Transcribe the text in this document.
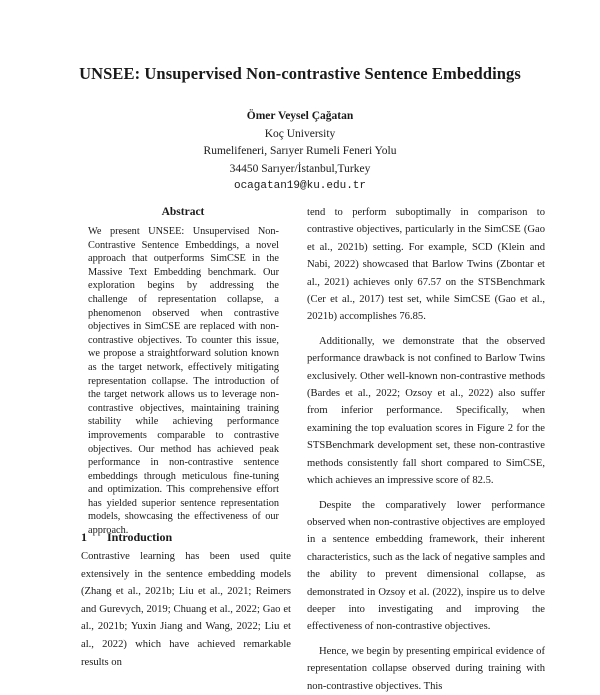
UNSEE: Unsupervised Non-contrastive Sentence Embeddings
Ömer Veysel Çağatan
Koç University
Rumelifeneri, Sarıyer Rumeli Feneri Yolu
34450 Sarıyer/İstanbul,Turkey
ocagatan19@ku.edu.tr
Abstract
We present UNSEE: Unsupervised Non-Contrastive Sentence Embeddings, a novel approach that outperforms SimCSE in the Massive Text Embedding benchmark. Our exploration begins by addressing the challenge of representation collapse, a phenomenon observed when contrastive objectives in SimCSE are replaced with non-contrastive objectives. To counter this issue, we propose a straightforward solution known as the target network, effectively mitigating representation collapse. The introduction of the target network allows us to leverage non-contrastive objectives, maintaining training stability while achieving performance improvements comparable to contrastive objectives. Our method has achieved peak performance in non-contrastive sentence embeddings through meticulous fine-tuning and optimization. This comprehensive effort has yielded superior sentence representation models, showcasing the effectiveness of our approach.
1 Introduction
Contrastive learning has been used quite extensively in the sentence embedding models (Zhang et al., 2021b; Liu et al., 2021; Reimers and Gurevych, 2019; Chuang et al., 2022; Gao et al., 2021b; Yuxin Jiang and Wang, 2022; Liu et al., 2022) which have achieved remarkable results on

tend to perform suboptimally in comparison to contrastive objectives, particularly in the SimCSE (Gao et al., 2021b) setting. For example, SCD (Klein and Nabi, 2022) showcased that Barlow Twins (Zbontar et al., 2021) achieves only 67.57 on the STSBenchmark (Cer et al., 2017) test set, while SimCSE (Gao et al., 2021b) accomplishes 76.85.

Additionally, we demonstrate that the observed performance drawback is not confined to Barlow Twins exclusively. Other well-known non-contrastive methods (Bardes et al., 2022; Ozsoy et al., 2022) also suffer from inferior performance. Specifically, when examining the top evaluation scores in Figure 2 for the STSBenchmark development set, these non-contrastive methods consistently fall short compared to SimCSE, which achieves an impressive score of 82.5.

Despite the comparatively lower performance observed when non-contrastive objectives are employed in a sentence embedding framework, their inherent characteristics, such as the lack of negative samples and the ability to prevent dimensional collapse, as demonstrated in Ozsoy et al. (2022), inspire us to delve deeper into investigating and improving the effectiveness of non-contrastive objectives.

Hence, we begin by presenting empirical evidence of representation collapse observed during training with non-contrastive objectives. This
